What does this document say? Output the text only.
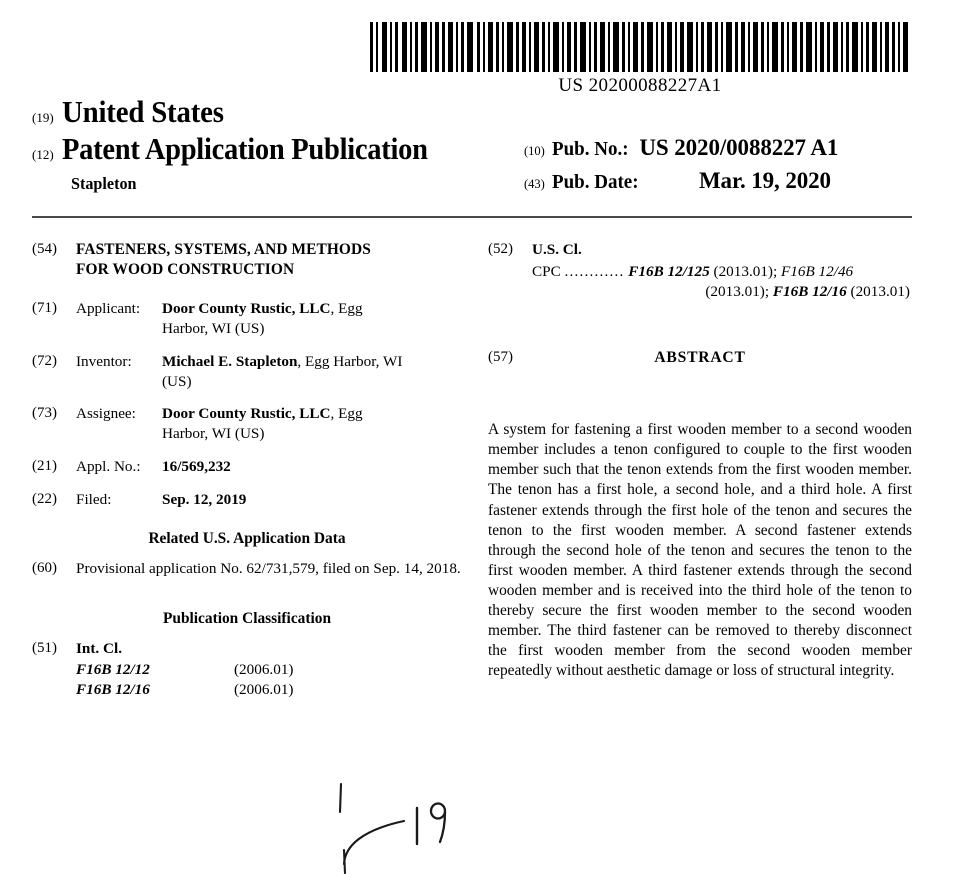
US 20200088227A1
(19) United States
(12) Patent Application Publication	(10) Pub. No.: US 2020/0088227 A1
Stapleton	(43) Pub. Date:	Mar. 19, 2020
(54)	FASTENERS, SYSTEMS, AND METHODS
FOR WOOD CONSTRUCTION
(71)	Applicant:	Door County Rustic, LLC, Egg
Harbor, WI (US)
(72)	Inventor:	Michael E. Stapleton, Egg Harbor, WI
(US)
(73)	Assignee:	Door County Rustic, LLC, Egg
Harbor, WI (US)
(21)	Appl. No.:	16/569,232
(22)	Filed:	Sep. 12, 2019
Related U.S. Application Data
(60)	Provisional application No. 62/731,579, filed on Sep. 14, 2018.
Publication Classification
(51)	Int. Cl.
F16B 12/12	(2006.01)
F16B 12/16	(2006.01)
(52)	U.S. Cl.
CPC ............ F16B 12/125 (2013.01); F16B 12/46
(2013.01); F16B 12/16 (2013.01)
(57)	ABSTRACT
A system for fastening a first wooden member to a second wooden member includes a tenon configured to couple to the first wooden member such that the tenon extends from the first wooden member. The tenon has a first hole, a second hole, and a third hole. A first fastener extends through the first hole of the tenon and secures the tenon to the first wooden member. A second fastener extends through the second hole of the tenon and secures the tenon to the first wooden member. A third fastener extends through the second wooden member and is received into the third hole of the tenon to thereby secure the first wooden member to the second wooden member. The third fastener can be removed to thereby disconnect the first wooden member from the second wooden member repeatedly without aesthetic damage or loss of structural integrity.
